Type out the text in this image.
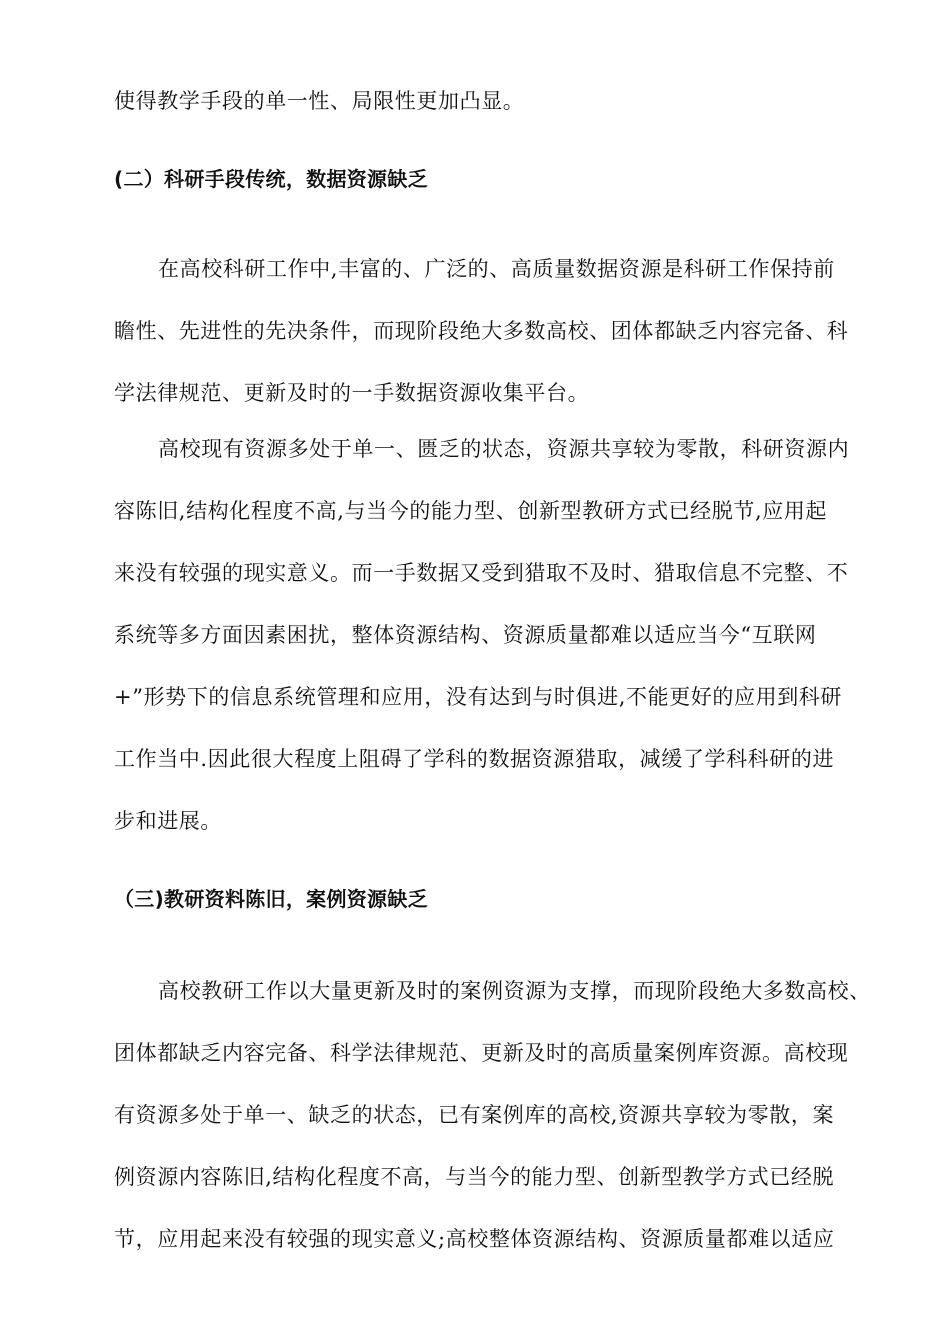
使得教学手段的单一性、局限性更加凸显。
(二）科研手段传统，数据资源缺乏
在高校科研工作中,丰富的、广泛的、高质量数据资源是科研工作保持前
瞻性、先进性的先决条件，而现阶段绝大多数高校、团体都缺乏内容完备、科
学法律规范、更新及时的一手数据资源收集平台。
高校现有资源多处于单一、匮乏的状态，资源共享较为零散，科研资源内
容陈旧,结构化程度不高,与当今的能力型、创新型教研方式已经脱节,应用起
来没有较强的现实意义。而一手数据又受到猎取不及时、猎取信息不完整、不
系统等多方面因素困扰，整体资源结构、资源质量都难以适应当今“互联网
+”形势下的信息系统管理和应用，没有达到与时俱进,不能更好的应用到科研
工作当中.因此很大程度上阻碍了学科的数据资源猎取，减缓了学科科研的进
步和进展。
（三)教研资料陈旧，案例资源缺乏
高校教研工作以大量更新及时的案例资源为支撑，而现阶段绝大多数高校、
团体都缺乏内容完备、科学法律规范、更新及时的高质量案例库资源。高校现
有资源多处于单一、缺乏的状态，已有案例库的高校,资源共享较为零散，案
例资源内容陈旧,结构化程度不高，与当今的能力型、创新型教学方式已经脱
节，应用起来没有较强的现实意义;高校整体资源结构、资源质量都难以适应
